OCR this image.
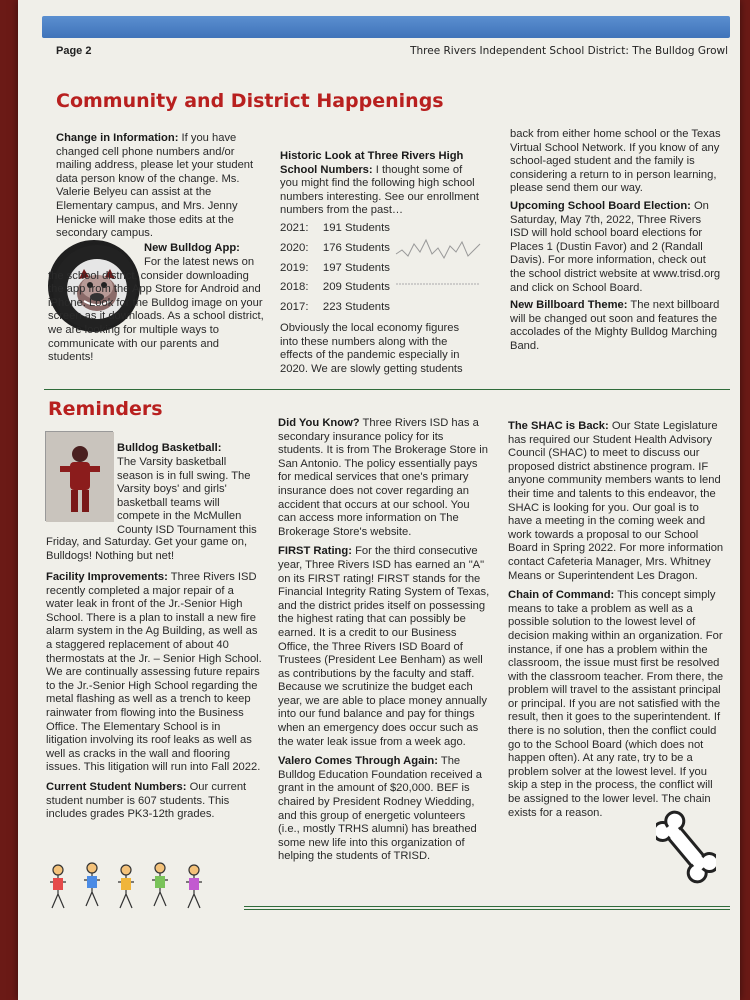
Page 2	Three Rivers Independent School District: The Bulldog Growl
Community and District Happenings

Change in Information: If you have changed cell phone numbers and/or mailing address, please let your student data person know of the change. Ms. Valerie Belyeu can assist at the Elementary campus, and Mrs. Jenny Henicke will make those edits at the secondary campus.

New Bulldog App:

For the latest news on the school district, consider downloading the app from the App Store for Android and iPhone. Look for the Bulldog image on your screen as it downloads. As a school district, we are looking for multiple ways to communicate with our parents and students!

Historic Look at Three Rivers High School Numbers: I thought some of you might find the following high school numbers interesting. See our enrollment numbers from the past…

2021: 191 Students
2020: 176 Students
2019: 197 Students
2018: 209 Students
2017: 223 Students

Obviously the local economy figures into these numbers along with the effects of the pandemic especially in 2020. We are slowly getting students

back from either home school or the Texas Virtual School Network. If you know of any school-aged student and the family is considering a return to in person learning, please send them our way.

Upcoming School Board Election: On Saturday, May 7th, 2022, Three Rivers ISD will hold school board elections for Places 1 (Dustin Favor) and 2 (Randall Davis). For more information, check out the school district website at www.trisd.org and click on School Board.

New Billboard Theme: The next billboard will be changed out soon and features the accolades of the Mighty Bulldog Marching Band.

Reminders

Bulldog Basketball:

The Varsity basketball season is in full swing. The Varsity boys' and girls' basketball teams will compete in the McMullen County ISD Tournament this

Friday, and Saturday. Get your game on, Bulldogs! Nothing but net!

Facility Improvements: Three Rivers ISD recently completed a major repair of a water leak in front of the Jr.-Senior High School. There is a plan to install a new fire alarm system in the Ag Building, as well as a staggered replacement of about 40 thermostats at the Jr. – Senior High School. We are continually assessing future repairs to the Jr.-Senior High School regarding the metal flashing as well as a trench to keep rainwater from flowing into the Business Office. The Elementary School is in litigation involving its roof leaks as well as well as cracks in the wall and flooring issues. This litigation will run into Fall 2022.

Current Student Numbers: Our current student number is 607 students. This includes grades PK3-12th grades.

Did You Know? Three Rivers ISD has a secondary insurance policy for its students. It is from The Brokerage Store in San Antonio. The policy essentially pays for medical services that one's primary insurance does not cover regarding an accident that occurs at our school. You can access more information on The Brokerage Store's website.

FIRST Rating: For the third consecutive year, Three Rivers ISD has earned an "A" on its FIRST rating! FIRST stands for the Financial Integrity Rating System of Texas, and the district prides itself on possessing the highest rating that can possibly be earned. It is a credit to our Business Office, the Three Rivers ISD Board of Trustees (President Lee Benham) as well as contributions by the faculty and staff. Because we scrutinize the budget each year, we are able to place money annually into our fund balance and pay for things when an emergency does occur such as the water leak issue from a week ago.

Valero Comes Through Again: The Bulldog Education Foundation received a grant in the amount of $20,000. BEF is chaired by President Rodney Wiedding, and this group of energetic volunteers (i.e., mostly TRHS alumni) has breathed some new life into this organization of helping the students of TRISD.

The SHAC is Back: Our State Legislature has required our Student Health Advisory Council (SHAC) to meet to discuss our proposed district abstinence program. IF anyone community members wants to lend their time and talents to this endeavor, the SHAC is looking for you. Our goal is to have a meeting in the coming week and work towards a proposal to our School Board in Spring 2022. For more information contact Cafeteria Manager, Mrs. Whitney Means or Superintendent Les Dragon.

Chain of Command: This concept simply means to take a problem as well as a possible solution to the lowest level of decision making within an organization. For instance, if one has a problem within the classroom, the issue must first be resolved with the classroom teacher. From there, the problem will travel to the assistant principal or principal. If you are not satisfied with the result, then it goes to the superintendent. If there is no solution, then the conflict could go to the School Board (which does not happen often). At any rate, try to be a problem solver at the lowest level. If you skip a step in the process, the conflict will be assigned to the lower level. The chain exists for a reason.
